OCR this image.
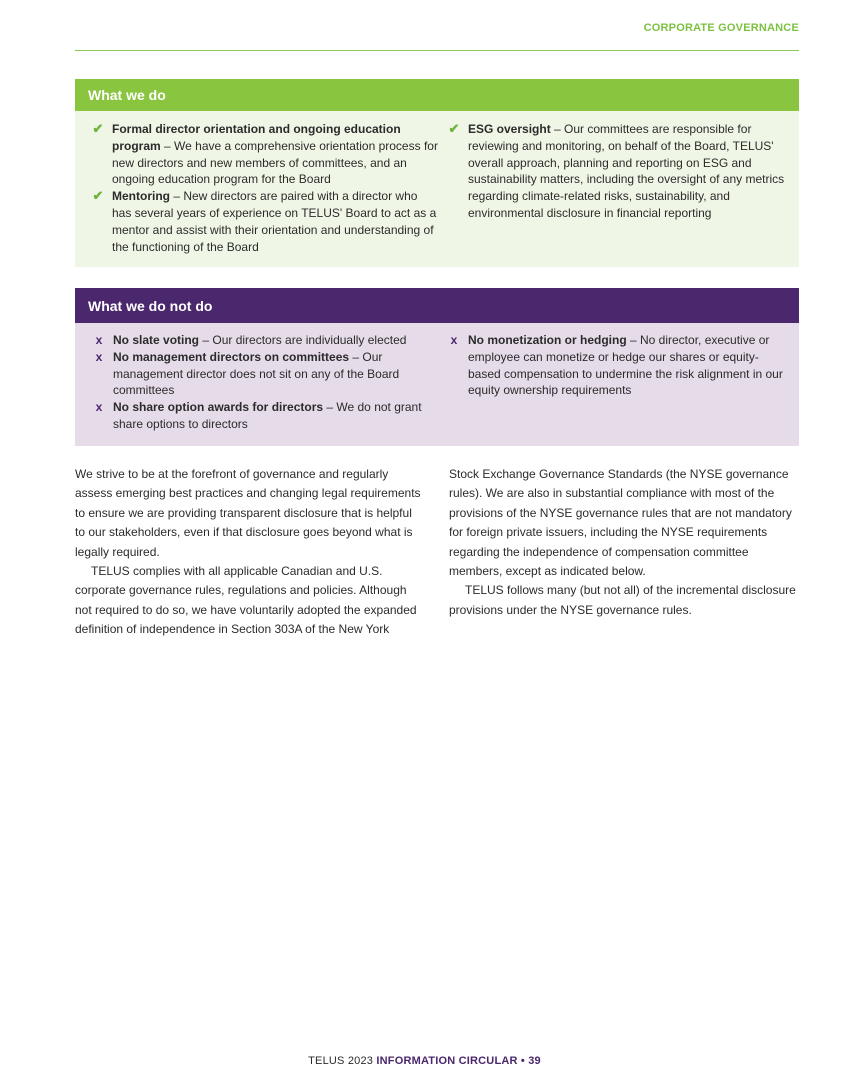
CORPORATE GOVERNANCE
What we do
✔ Formal director orientation and ongoing education program – We have a comprehensive orientation process for new directors and new members of committees, and an ongoing education program for the Board
✔ Mentoring – New directors are paired with a director who has several years of experience on TELUS' Board to act as a mentor and assist with their orientation and understanding of the functioning of the Board
✔ ESG oversight – Our committees are responsible for reviewing and monitoring, on behalf of the Board, TELUS' overall approach, planning and reporting on ESG and sustainability matters, including the oversight of any metrics regarding climate-related risks, sustainability, and environmental disclosure in financial reporting
What we do not do
x No slate voting – Our directors are individually elected
x No management directors on committees – Our management director does not sit on any of the Board committees
x No share option awards for directors – We do not grant share options to directors
x No monetization or hedging – No director, executive or employee can monetize or hedge our shares or equity-based compensation to undermine the risk alignment in our equity ownership requirements

We strive to be at the forefront of governance and regularly assess emerging best practices and changing legal requirements to ensure we are providing transparent disclosure that is helpful to our stakeholders, even if that disclosure goes beyond what is legally required.

TELUS complies with all applicable Canadian and U.S. corporate governance rules, regulations and policies. Although not required to do so, we have voluntarily adopted the expanded definition of independence in Section 303A of the New York

Stock Exchange Governance Standards (the NYSE governance rules). We are also in substantial compliance with most of the provisions of the NYSE governance rules that are not mandatory for foreign private issuers, including the NYSE requirements regarding the independence of compensation committee members, except as indicated below.

TELUS follows many (but not all) of the incremental disclosure provisions under the NYSE governance rules.

TELUS 2023 INFORMATION CIRCULAR • 39
